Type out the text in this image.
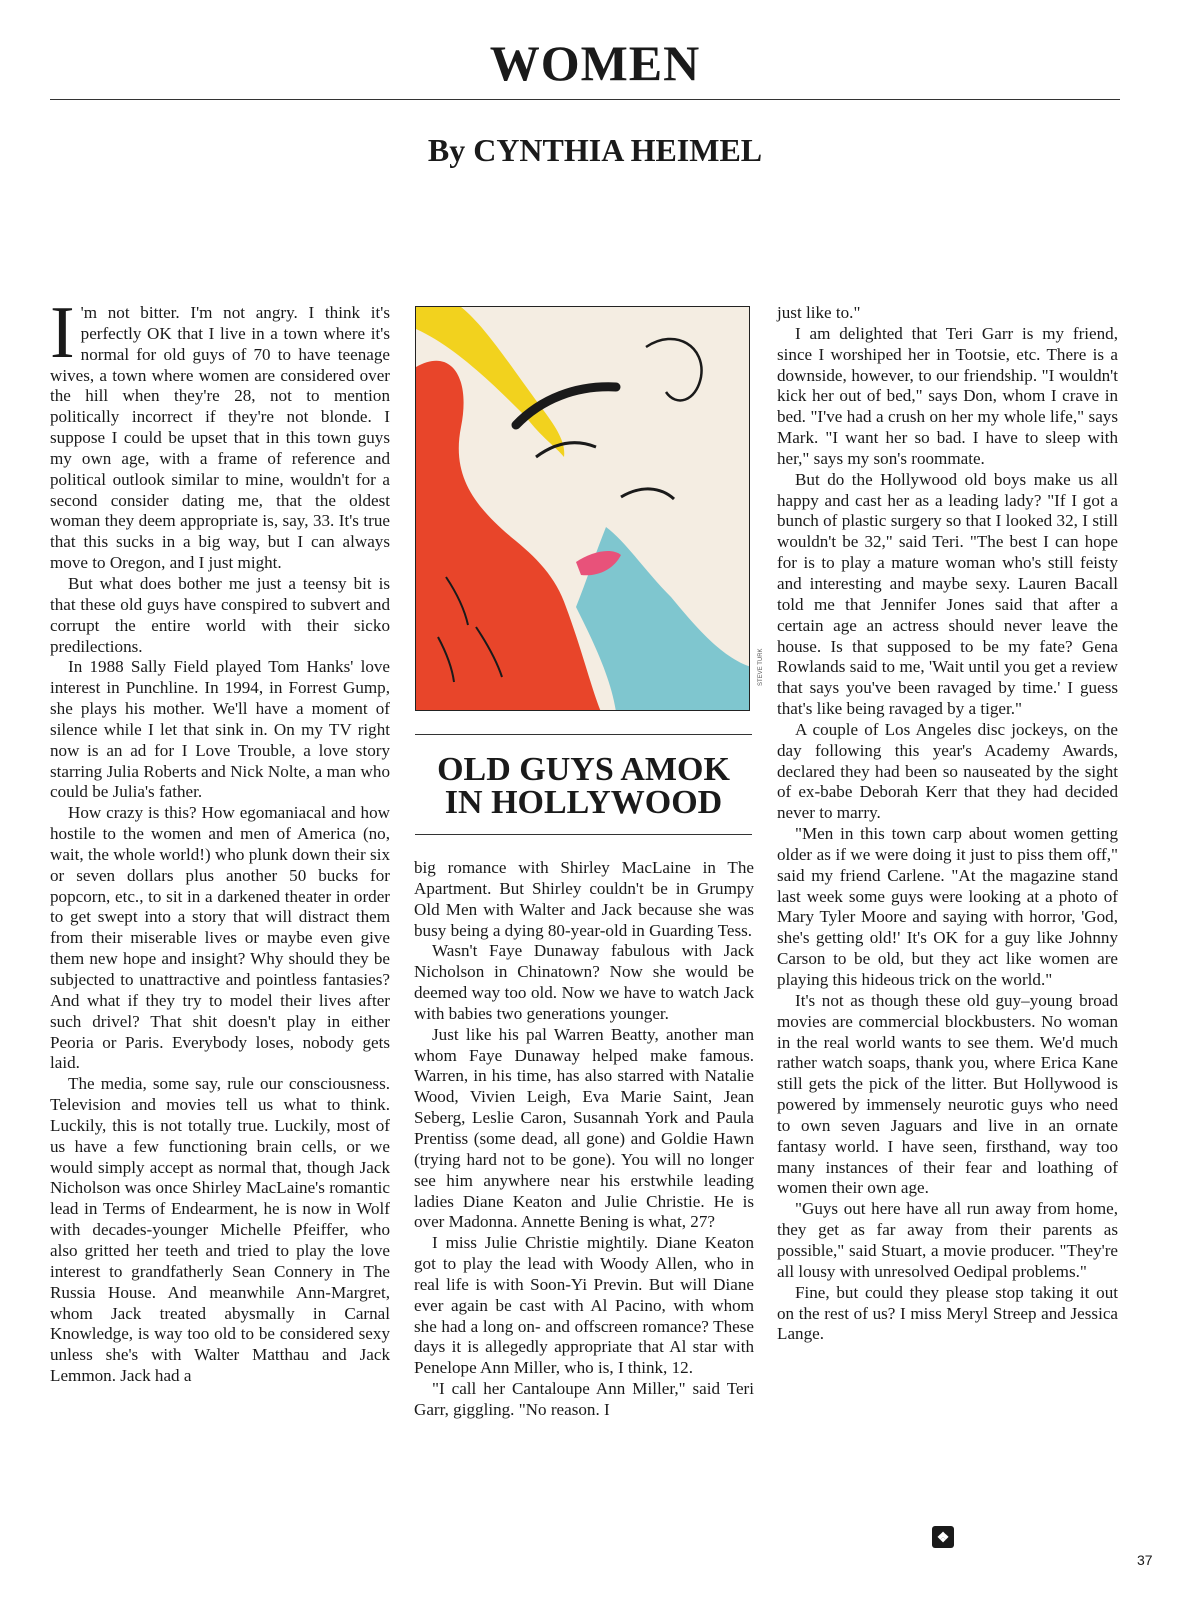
WOMEN
By CYNTHIA HEIMEL

I 'm not bitter. I'm not angry. I think it's perfectly OK that I live in a town where it's normal for old guys of 70 to have teenage wives, a town where women are considered over the hill when they're 28, not to mention politically incorrect if they're not blonde. I suppose I could be upset that in this town guys my own age, with a frame of reference and political outlook similar to mine, wouldn't for a second consider dating me, that the oldest woman they deem appropriate is, say, 33. It's true that this sucks in a big way, but I can always move to Oregon, and I just might.

But what does bother me just a teensy bit is that these old guys have conspired to subvert and corrupt the entire world with their sicko predilections.

In 1988 Sally Field played Tom Hanks' love interest in Punchline. In 1994, in Forrest Gump, she plays his mother. We'll have a moment of silence while I let that sink in. On my TV right now is an ad for I Love Trouble, a love story starring Julia Roberts and Nick Nolte, a man who could be Julia's father.

How crazy is this? How egomaniacal and how hostile to the women and men of America (no, wait, the whole world!) who plunk down their six or seven dollars plus another 50 bucks for popcorn, etc., to sit in a darkened theater in order to get swept into a story that will distract them from their miserable lives or maybe even give them new hope and insight? Why should they be subjected to unattractive and pointless fantasies? And what if they try to model their lives after such drivel? That shit doesn't play in either Peoria or Paris. Everybody loses, nobody gets laid.

The media, some say, rule our consciousness. Television and movies tell us what to think. Luckily, this is not totally true. Luckily, most of us have a few functioning brain cells, or we would simply accept as normal that, though Jack Nicholson was once Shirley MacLaine's romantic lead in Terms of Endearment, he is now in Wolf with decades-younger Michelle Pfeiffer, who also gritted her teeth and tried to play the love interest to grandfatherly Sean Connery in The Russia House. And meanwhile Ann-Margret, whom Jack treated abysmally in Carnal Knowledge, is way too old to be considered sexy unless she's with Walter Matthau and Jack Lemmon. Jack had a

STEVE TURK
OLD GUYS AMOK
IN HOLLYWOOD

big romance with Shirley MacLaine in The Apartment. But Shirley couldn't be in Grumpy Old Men with Walter and Jack because she was busy being a dying 80-year-old in Guarding Tess.

Wasn't Faye Dunaway fabulous with Jack Nicholson in Chinatown? Now she would be deemed way too old. Now we have to watch Jack with babies two generations younger.

Just like his pal Warren Beatty, another man whom Faye Dunaway helped make famous. Warren, in his time, has also starred with Natalie Wood, Vivien Leigh, Eva Marie Saint, Jean Seberg, Leslie Caron, Susannah York and Paula Prentiss (some dead, all gone) and Goldie Hawn (trying hard not to be gone). You will no longer see him anywhere near his erstwhile leading ladies Diane Keaton and Julie Christie. He is over Madonna. Annette Bening is what, 27?

I miss Julie Christie mightily. Diane Keaton got to play the lead with Woody Allen, who in real life is with Soon-Yi Previn. But will Diane ever again be cast with Al Pacino, with whom she had a long on- and offscreen romance? These days it is allegedly appropriate that Al star with Penelope Ann Miller, who is, I think, 12.

"I call her Cantaloupe Ann Miller," said Teri Garr, giggling. "No reason. I

just like to."

I am delighted that Teri Garr is my friend, since I worshiped her in Tootsie, etc. There is a downside, however, to our friendship. "I wouldn't kick her out of bed," says Don, whom I crave in bed. "I've had a crush on her my whole life," says Mark. "I want her so bad. I have to sleep with her," says my son's roommate.

But do the Hollywood old boys make us all happy and cast her as a leading lady? "If I got a bunch of plastic surgery so that I looked 32, I still wouldn't be 32," said Teri. "The best I can hope for is to play a mature woman who's still feisty and interesting and maybe sexy. Lauren Bacall told me that Jennifer Jones said that after a certain age an actress should never leave the house. Is that supposed to be my fate? Gena Rowlands said to me, 'Wait until you get a review that says you've been ravaged by time.' I guess that's like being ravaged by a tiger."

A couple of Los Angeles disc jockeys, on the day following this year's Academy Awards, declared they had been so nauseated by the sight of ex-babe Deborah Kerr that they had decided never to marry.

"Men in this town carp about women getting older as if we were doing it just to piss them off," said my friend Carlene. "At the magazine stand last week some guys were looking at a photo of Mary Tyler Moore and saying with horror, 'God, she's getting old!' It's OK for a guy like Johnny Carson to be old, but they act like women are playing this hideous trick on the world."

It's not as though these old guy–young broad movies are commercial blockbusters. No woman in the real world wants to see them. We'd much rather watch soaps, thank you, where Erica Kane still gets the pick of the litter. But Hollywood is powered by immensely neurotic guys who need to own seven Jaguars and live in an ornate fantasy world. I have seen, firsthand, way too many instances of their fear and loathing of women their own age.

"Guys out here have all run away from home, they get as far away from their parents as possible," said Stuart, a movie producer. "They're all lousy with unresolved Oedipal problems."

Fine, but could they please stop taking it out on the rest of us? I miss Meryl Streep and Jessica Lange.

❖
37
